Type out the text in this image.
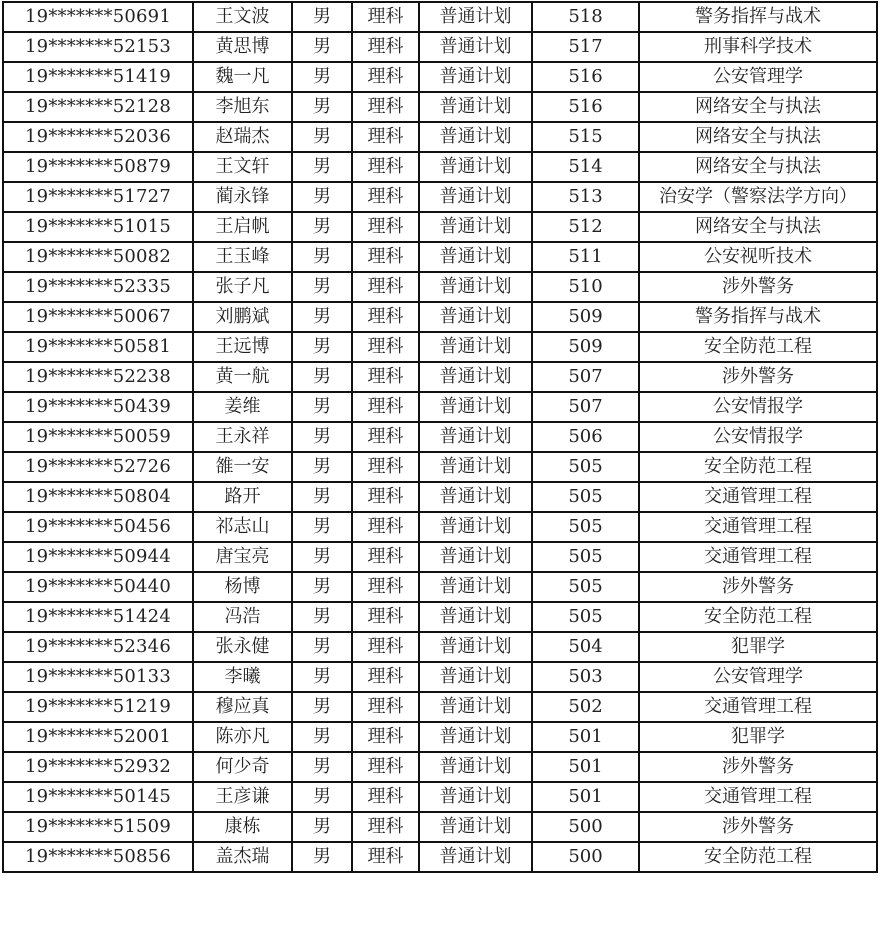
19*******50691	王文波	男	理科	普通计划	518	警务指挥与战术
19*******52153	黄思博	男	理科	普通计划	517	刑事科学技术
19*******51419	魏一凡	男	理科	普通计划	516	公安管理学
19*******52128	李旭东	男	理科	普通计划	516	网络安全与执法
19*******52036	赵瑞杰	男	理科	普通计划	515	网络安全与执法
19*******50879	王文轩	男	理科	普通计划	514	网络安全与执法
19*******51727	蔺永锋	男	理科	普通计划	513	治安学（警察法学方向）
19*******51015	王启帆	男	理科	普通计划	512	网络安全与执法
19*******50082	王玉峰	男	理科	普通计划	511	公安视听技术
19*******52335	张子凡	男	理科	普通计划	510	涉外警务
19*******50067	刘鹏斌	男	理科	普通计划	509	警务指挥与战术
19*******50581	王远博	男	理科	普通计划	509	安全防范工程
19*******52238	黄一航	男	理科	普通计划	507	涉外警务
19*******50439	姜维	男	理科	普通计划	507	公安情报学
19*******50059	王永祥	男	理科	普通计划	506	公安情报学
19*******52726	雒一安	男	理科	普通计划	505	安全防范工程
19*******50804	路开	男	理科	普通计划	505	交通管理工程
19*******50456	祁志山	男	理科	普通计划	505	交通管理工程
19*******50944	唐宝亮	男	理科	普通计划	505	交通管理工程
19*******50440	杨博	男	理科	普通计划	505	涉外警务
19*******51424	冯浩	男	理科	普通计划	505	安全防范工程
19*******52346	张永健	男	理科	普通计划	504	犯罪学
19*******50133	李曦	男	理科	普通计划	503	公安管理学
19*******51219	穆应真	男	理科	普通计划	502	交通管理工程
19*******52001	陈亦凡	男	理科	普通计划	501	犯罪学
19*******52932	何少奇	男	理科	普通计划	501	涉外警务
19*******50145	王彦谦	男	理科	普通计划	501	交通管理工程
19*******51509	康栋	男	理科	普通计划	500	涉外警务
19*******50856	盖杰瑞	男	理科	普通计划	500	安全防范工程
